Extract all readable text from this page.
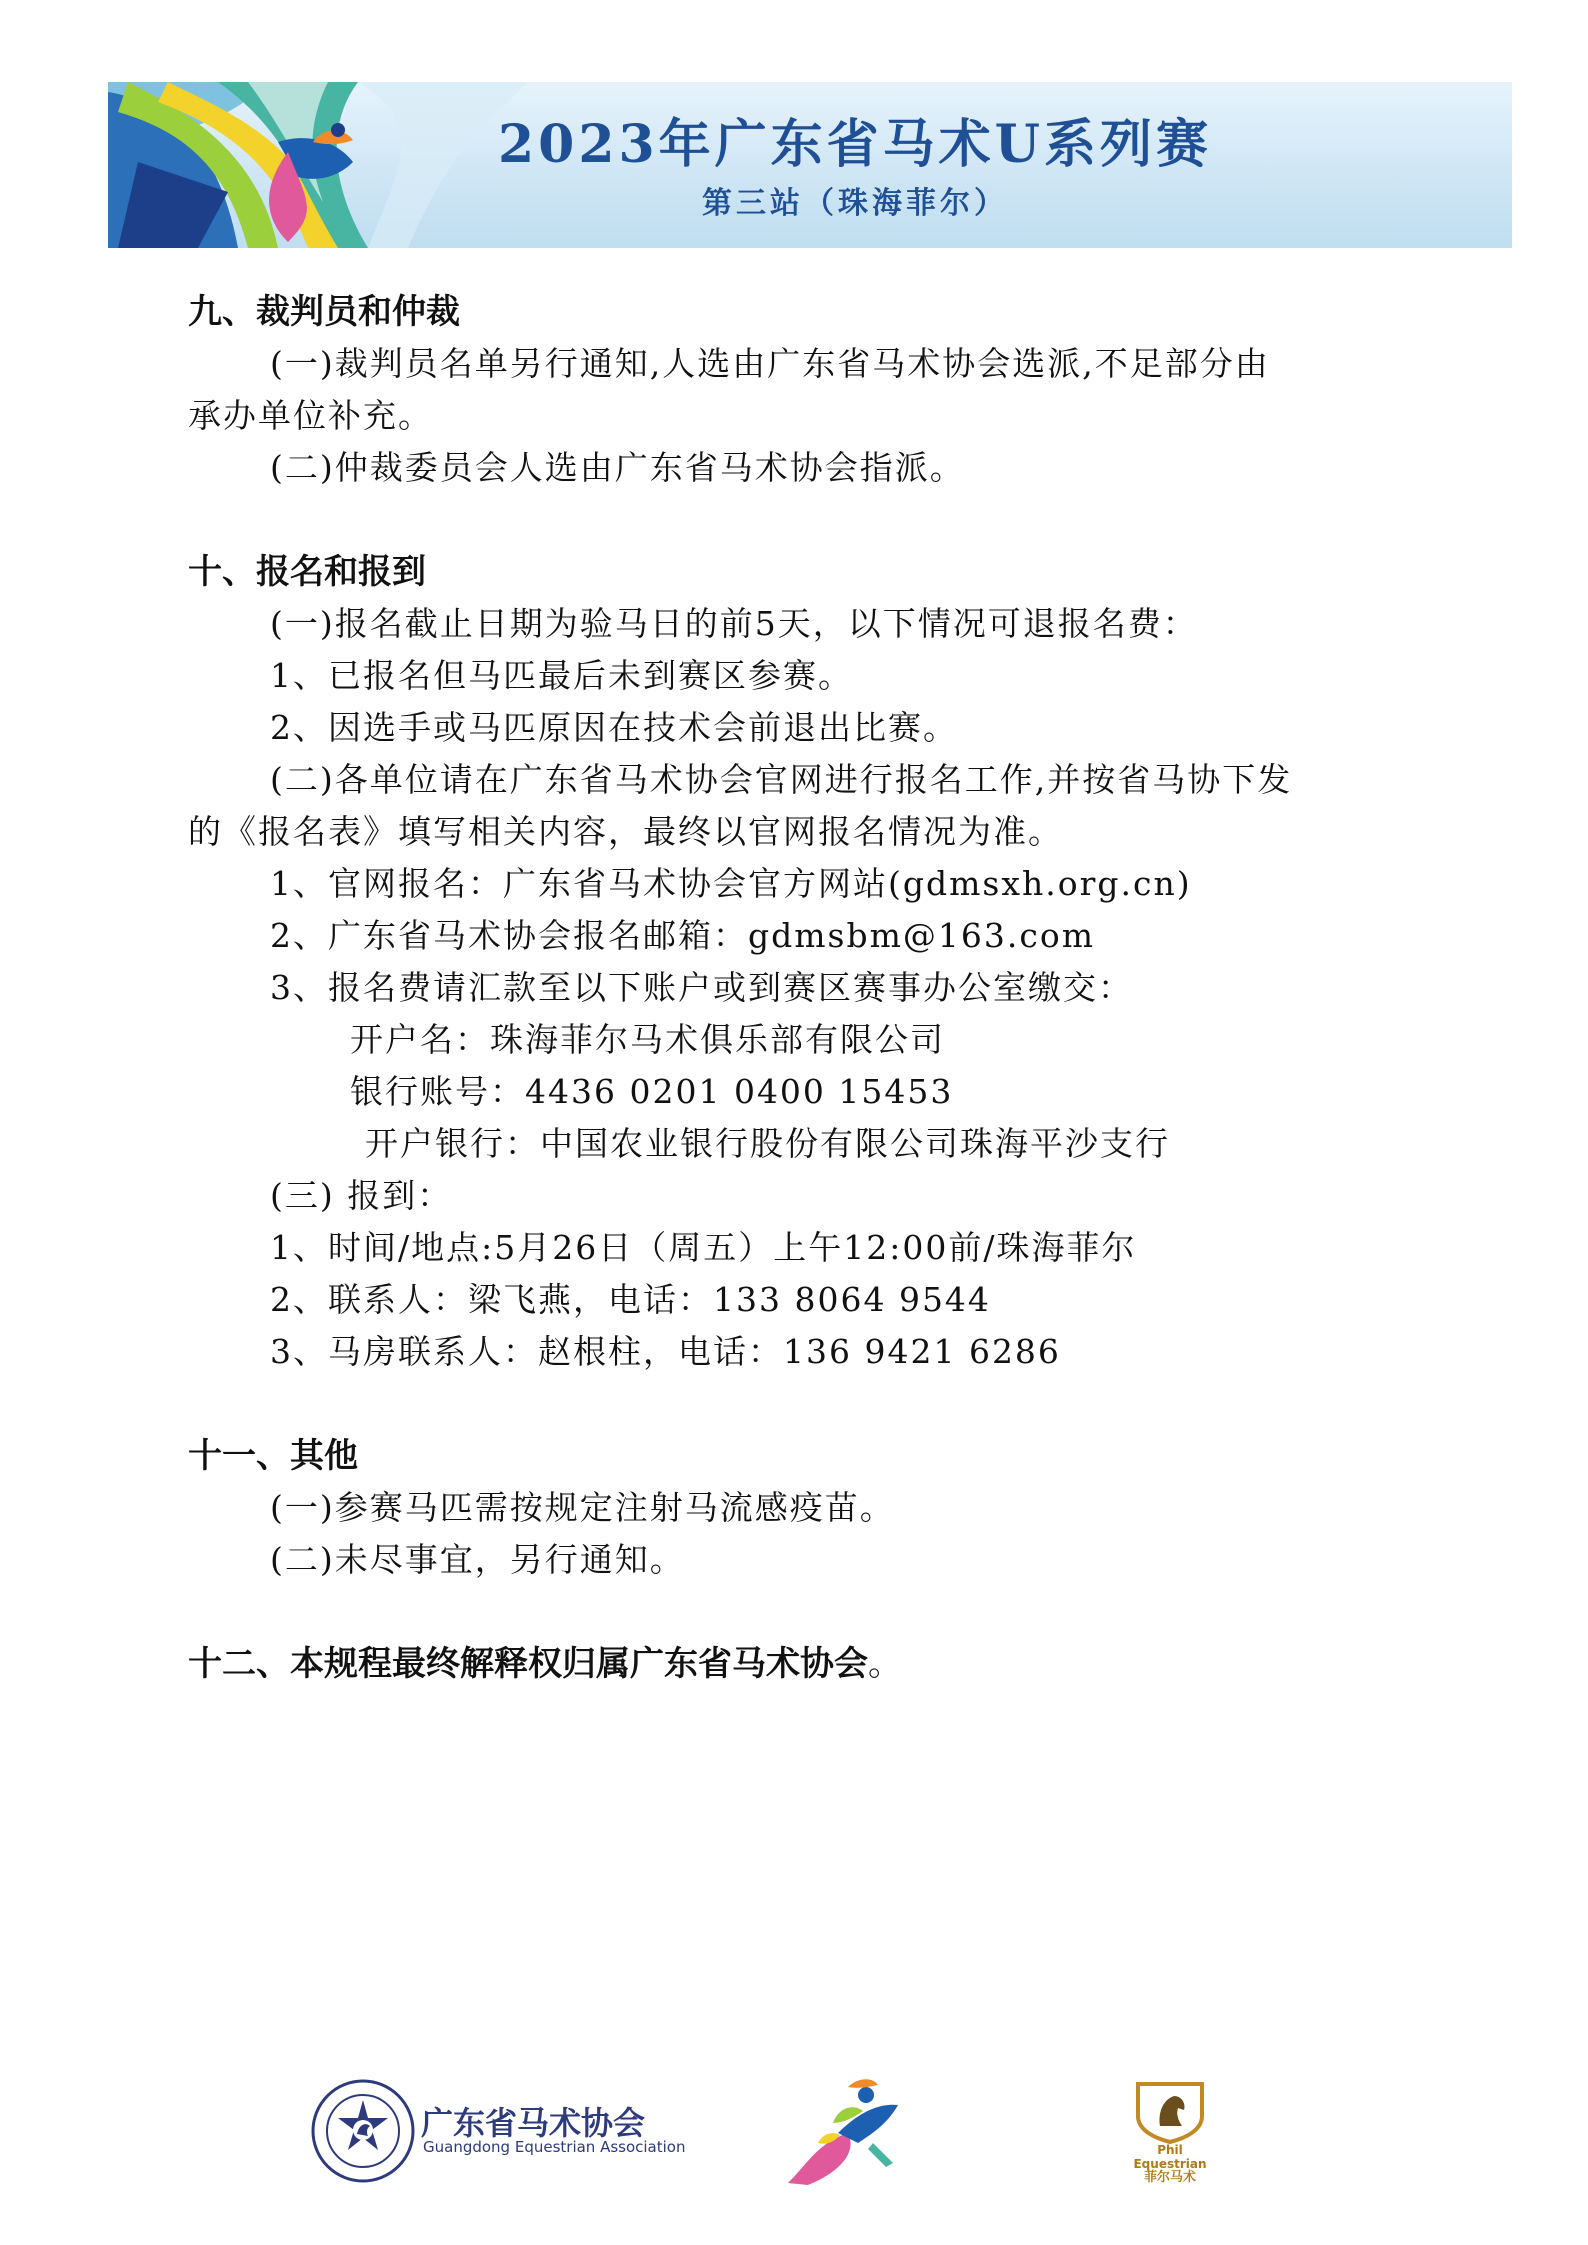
2023年广东省马术U系列赛
第三站（珠海菲尔）

九、裁判员和仲裁

(一)裁判员名单另行通知,人选由广东省马术协会选派,不足部分由

承办单位补充。

(二)仲裁委员会人选由广东省马术协会指派。

十、报名和报到

(一)报名截止日期为验马日的前5天，以下情况可退报名费：

1、已报名但马匹最后未到赛区参赛。

2、因选手或马匹原因在技术会前退出比赛。

(二)各单位请在广东省马术协会官网进行报名工作,并按省马协下发

的《报名表》填写相关内容，最终以官网报名情况为准。

1、官网报名：广东省马术协会官方网站(gdmsxh.org.cn)

2、广东省马术协会报名邮箱：gdmsbm@163.com

3、报名费请汇款至以下账户或到赛区赛事办公室缴交：

开户名：珠海菲尔马术俱乐部有限公司

银行账号：4436 0201 0400 15453

开户银行：中国农业银行股份有限公司珠海平沙支行

(三) 报到：

1、时间/地点:5月26日（周五）上午12:00前/珠海菲尔

2、联系人：梁飞燕，电话：133 8064 9544

3、马房联系人：赵根柱，电话：136 9421 6286

十一、其他

(一)参赛马匹需按规定注射马流感疫苗。

(二)未尽事宜，另行通知。

十二、本规程最终解释权归属广东省马术协会。

广东省马术协会
Guangdong Equestrian Association	Phil Equestrian
菲尔马术
